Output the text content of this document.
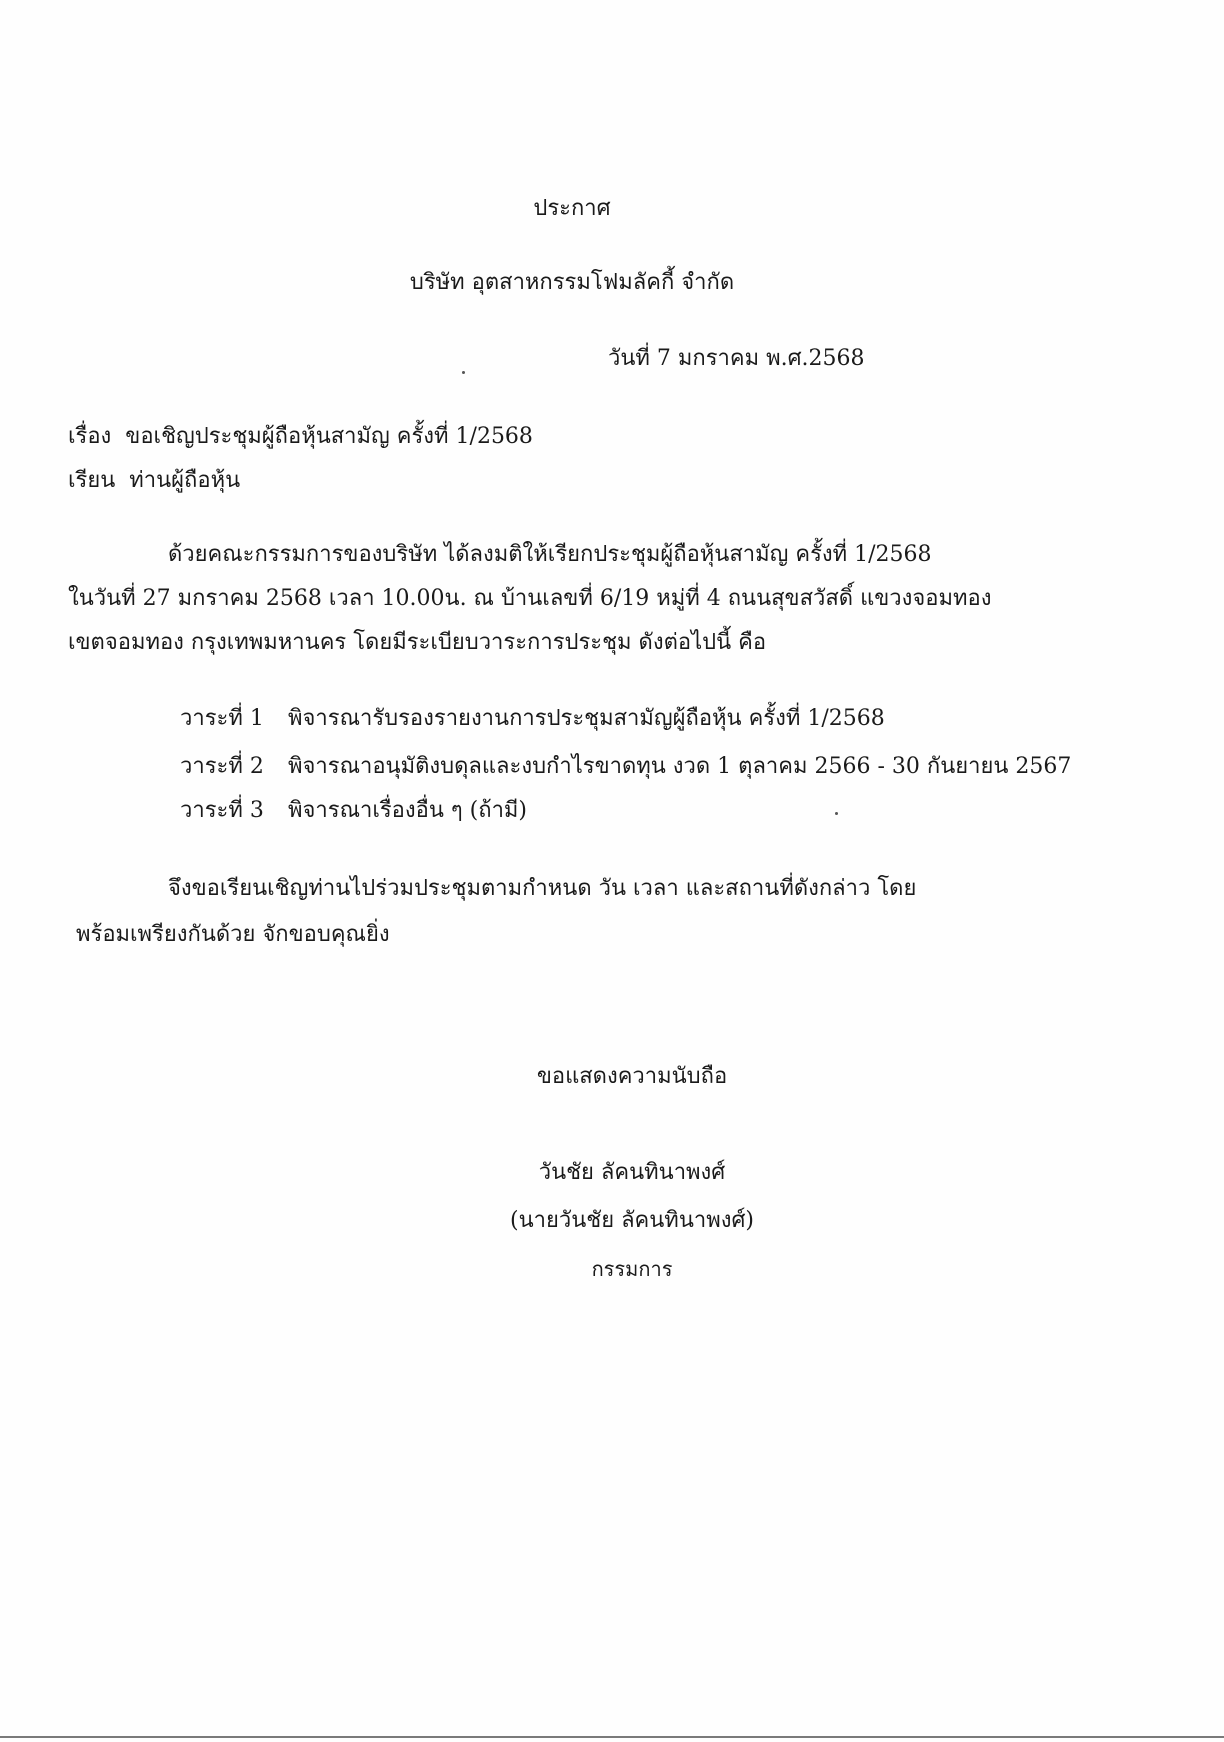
ประกาศ
บริษัท อุตสาหกรรมโฟมลัคกี้ จำกัด
วันที่ 7 มกราคม พ.ศ.2568
เรื่อง ขอเชิญประชุมผู้ถือหุ้นสามัญ ครั้งที่ 1/2568
เรียน ท่านผู้ถือหุ้น
ด้วยคณะกรรมการของบริษัท ได้ลงมติให้เรียกประชุมผู้ถือหุ้นสามัญ ครั้งที่ 1/2568
ในวันที่ 27 มกราคม 2568 เวลา 10.00น. ณ บ้านเลขที่ 6/19 หมู่ที่ 4 ถนนสุขสวัสดิ์ แขวงจอมทอง
เขตจอมทอง กรุงเทพมหานคร โดยมีระเบียบวาระการประชุม ดังต่อไปนี้ คือ
วาระที่ 1 พิจารณารับรองรายงานการประชุมสามัญผู้ถือหุ้น ครั้งที่ 1/2568
วาระที่ 2 พิจารณาอนุมัติงบดุลและงบกำไรขาดทุน งวด 1 ตุลาคม 2566 - 30 กันยายน 2567
วาระที่ 3 พิจารณาเรื่องอื่น ๆ (ถ้ามี)
จึงขอเรียนเชิญท่านไปร่วมประชุมตามกำหนด วัน เวลา และสถานที่ดังกล่าว โดย
พร้อมเพรียงกันด้วย จักขอบคุณยิ่ง
ขอแสดงความนับถือ
วันชัย ลัคนทินาพงศ์
(นายวันชัย ลัคนทินาพงศ์)
กรรมการ
